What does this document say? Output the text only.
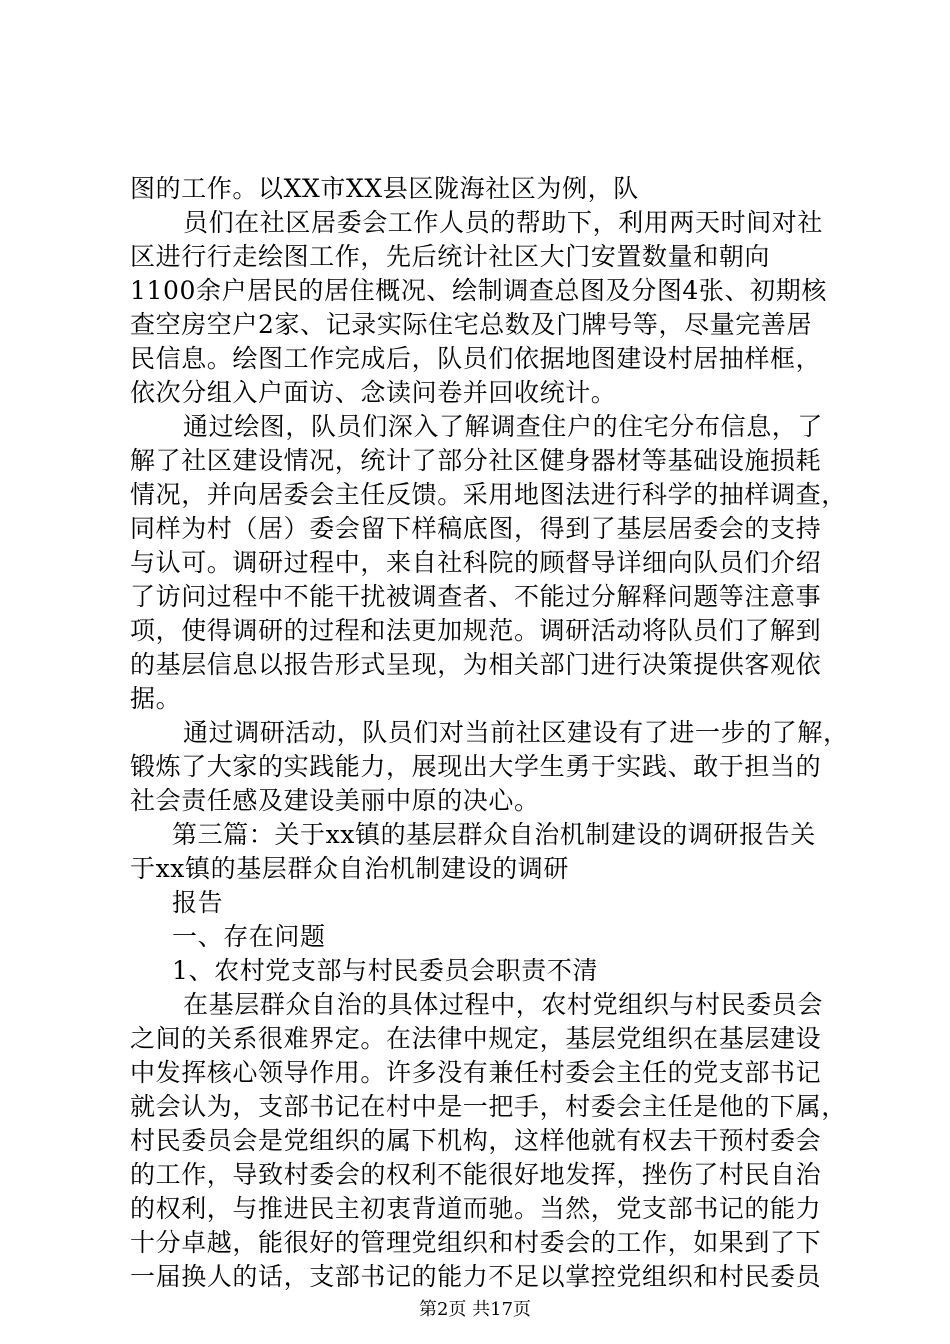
图的工作。以XX市XX县区陇海社区为例，队
员们在社区居委会工作人员的帮助下，利用两天时间对社
区进行行走绘图工作，先后统计社区大门安置数量和朝向
1100余户居民的居住概况、绘制调查总图及分图4张、初期核
查空房空户2家、记录实际住宅总数及门牌号等，尽量完善居
民信息。绘图工作完成后，队员们依据地图建设村居抽样框，
依次分组入户面访、念读问卷并回收统计。
通过绘图，队员们深入了解调查住户的住宅分布信息，了
解了社区建设情况，统计了部分社区健身器材等基础设施损耗
情况，并向居委会主任反馈。采用地图法进行科学的抽样调查，
同样为村（居）委会留下样稿底图，得到了基层居委会的支持
与认可。调研过程中，来自社科院的顾督导详细向队员们介绍
了访问过程中不能干扰被调查者、不能过分解释问题等注意事
项，使得调研的过程和法更加规范。调研活动将队员们了解到
的基层信息以报告形式呈现，为相关部门进行决策提供客观依
据。
通过调研活动，队员们对当前社区建设有了进一步的了解，
锻炼了大家的实践能力，展现出大学生勇于实践、敢于担当的
社会责任感及建设美丽中原的决心。
第三篇：关于xx镇的基层群众自治机制建设的调研报告关
于xx镇的基层群众自治机制建设的调研
报告
一、存在问题
1、农村党支部与村民委员会职责不清
在基层群众自治的具体过程中，农村党组织与村民委员会
之间的关系很难界定。在法律中规定，基层党组织在基层建设
中发挥核心领导作用。许多没有兼任村委会主任的党支部书记
就会认为，支部书记在村中是一把手，村委会主任是他的下属，
村民委员会是党组织的属下机构，这样他就有权去干预村委会
的工作，导致村委会的权利不能很好地发挥，挫伤了村民自治
的权利，与推进民主初衷背道而驰。当然，党支部书记的能力
十分卓越，能很好的管理党组织和村委会的工作，如果到了下
一届换人的话，支部书记的能力不足以掌控党组织和村民委员
第2页 共17页
